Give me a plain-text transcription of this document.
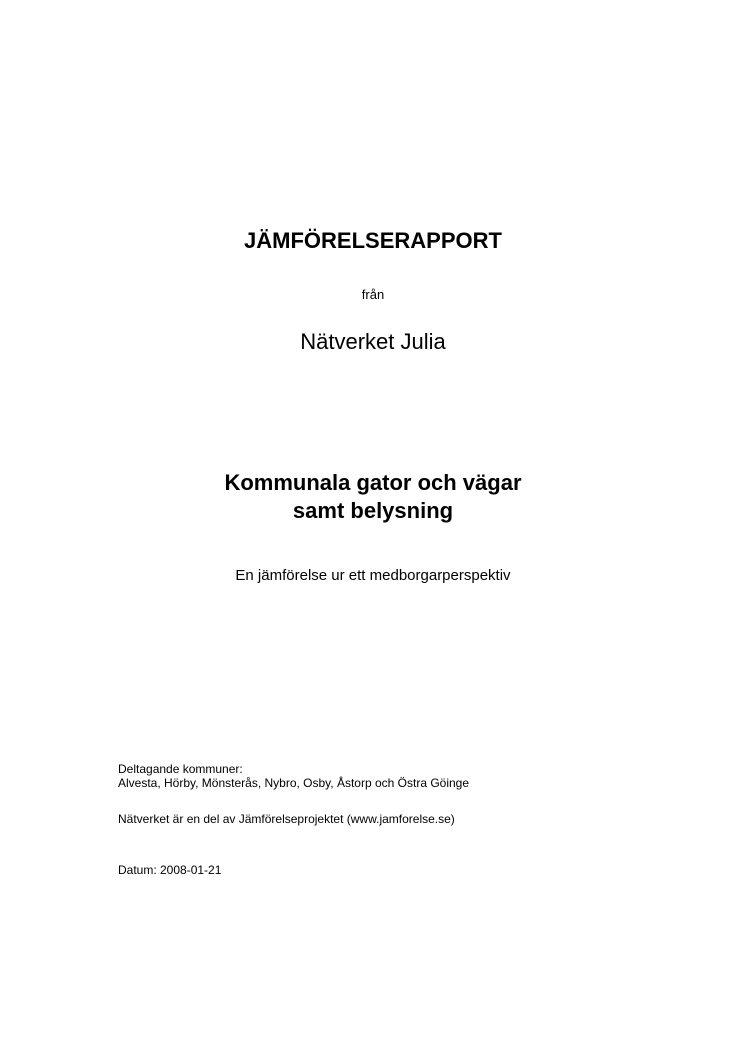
JÄMFÖRELSERAPPORT
från
Nätverket Julia
Kommunala gator och vägar
samt belysning
En jämförelse ur ett medborgarperspektiv
Deltagande kommuner:
Alvesta, Hörby, Mönsterås, Nybro, Osby, Åstorp och Östra Göinge
Nätverket är en del av Jämförelseprojektet (www.jamforelse.se)
Datum: 2008-01-21
